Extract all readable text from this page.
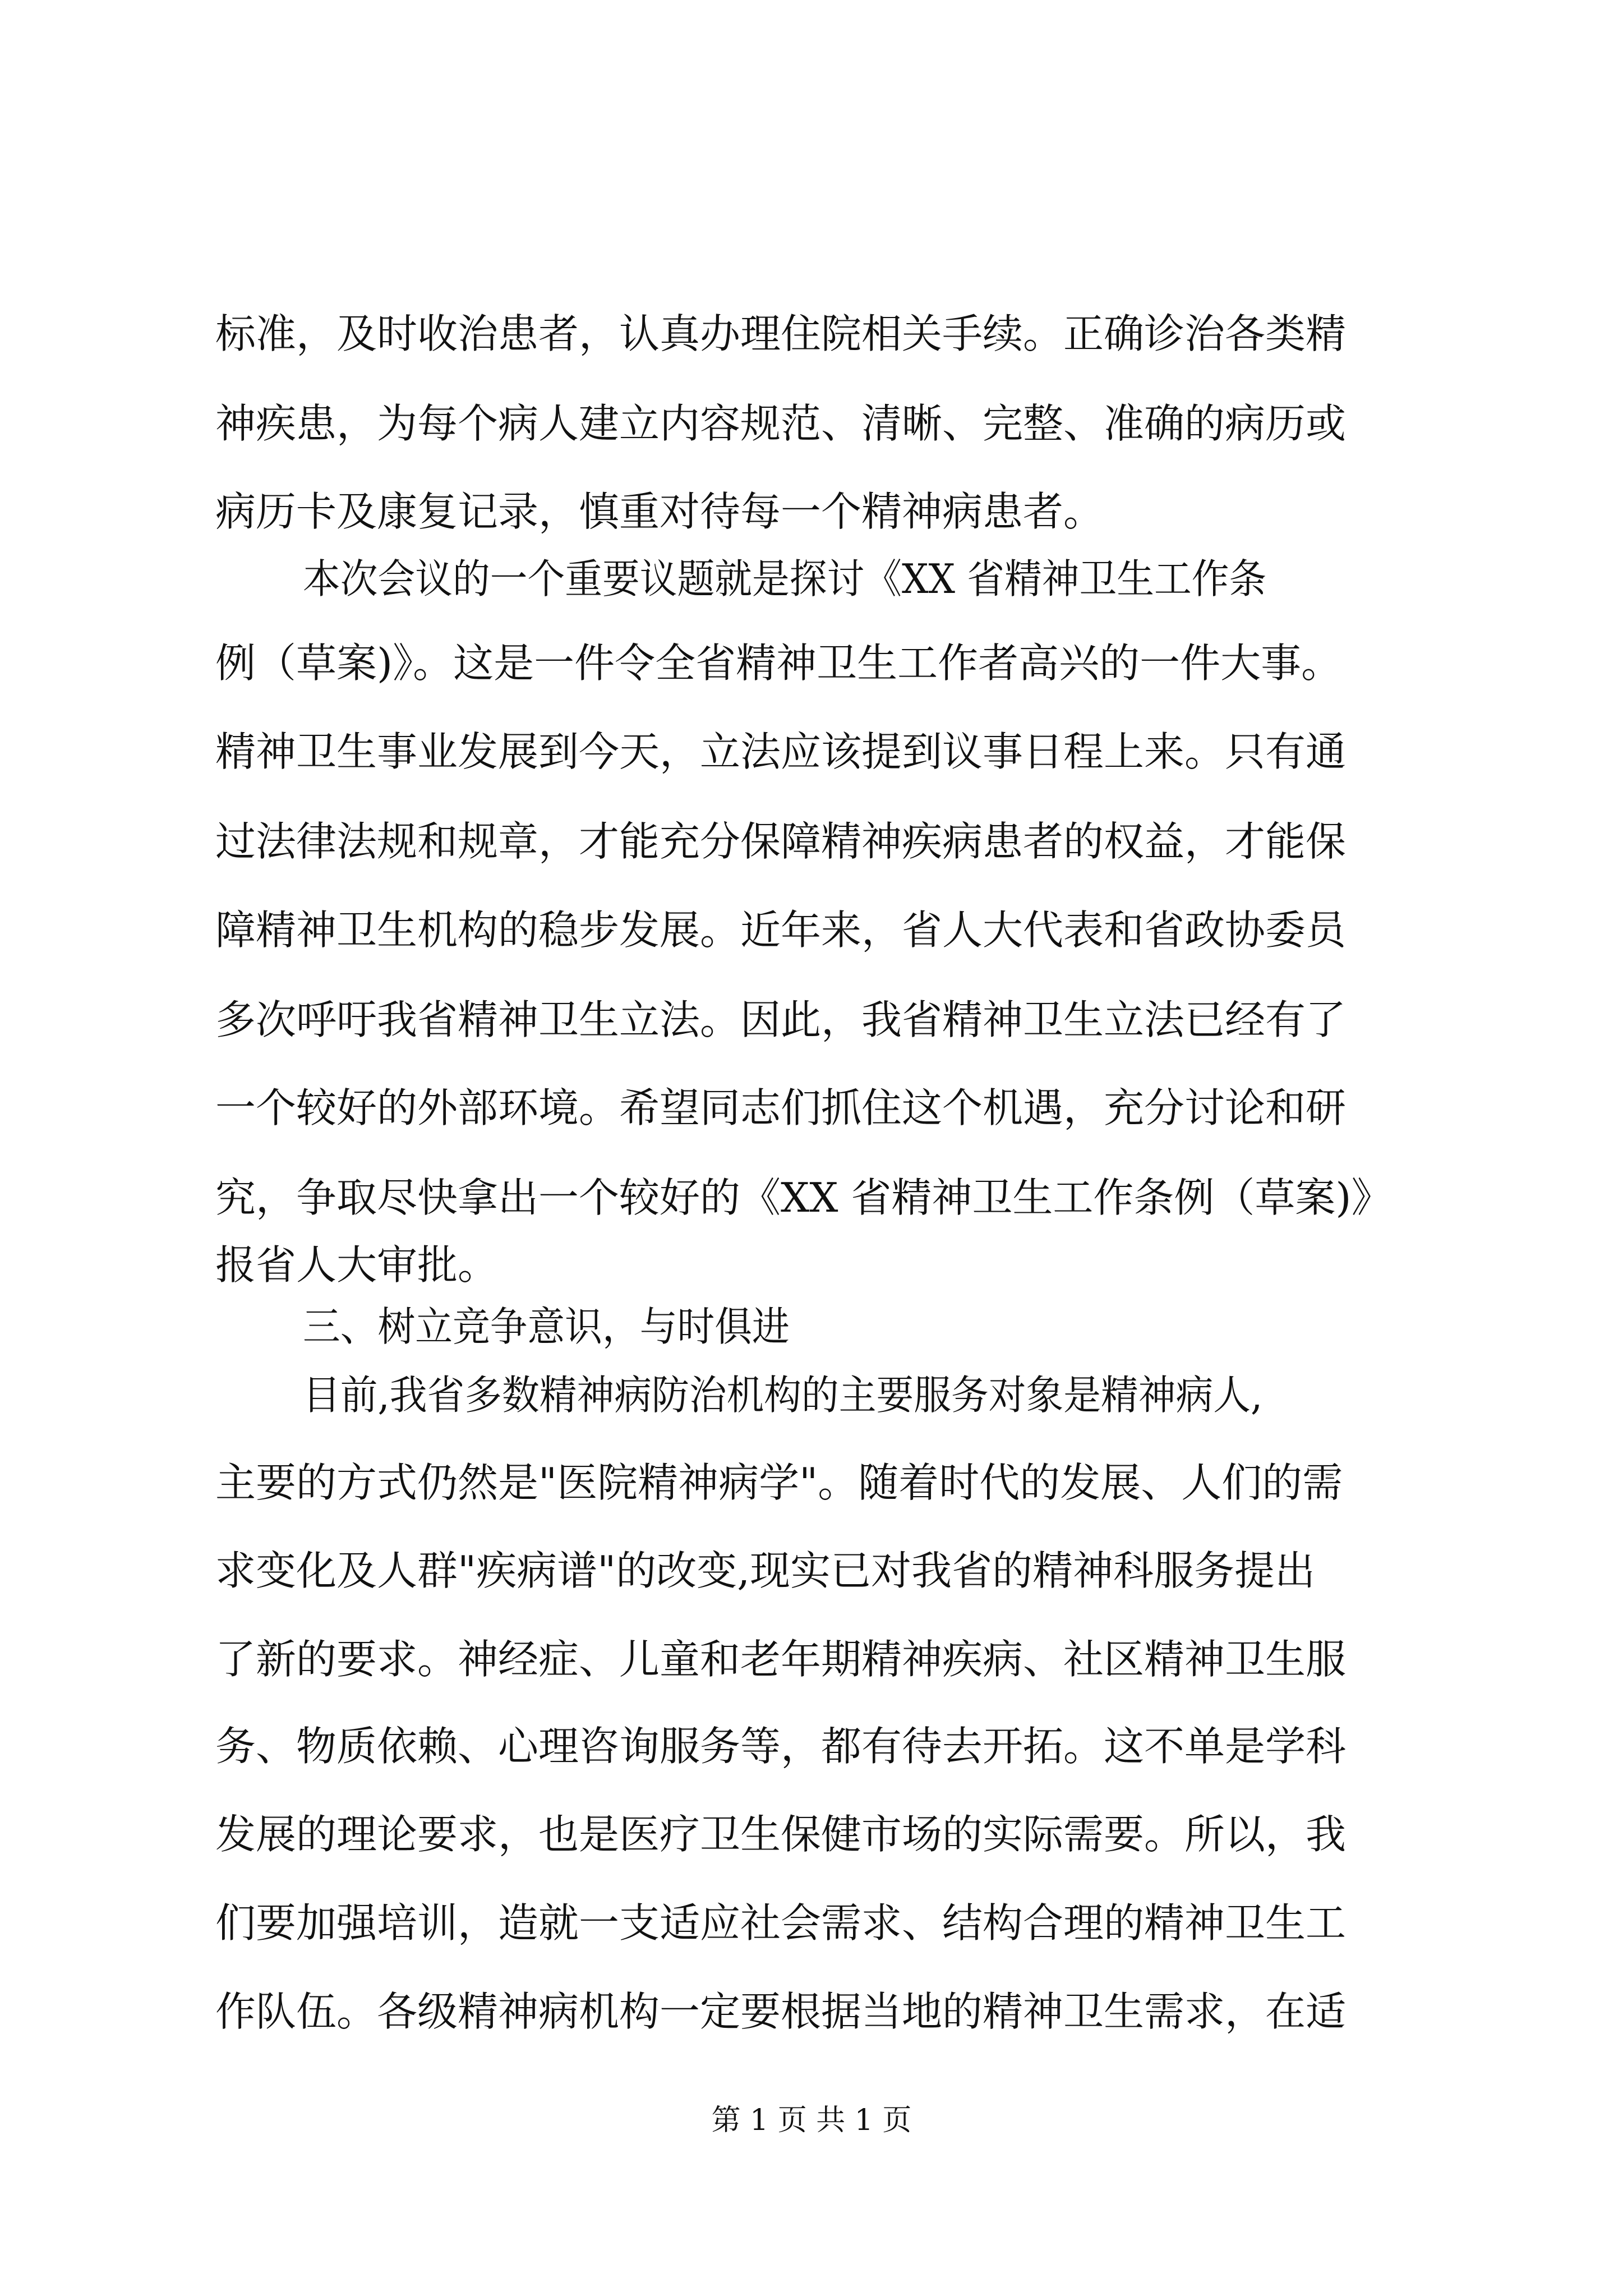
标准，及时收治患者，认真办理住院相关手续。正确诊治各类精
神疾患，为每个病人建立内容规范、清晰、完整、准确的病历或
病历卡及康复记录，慎重对待每一个精神病患者。
本次会议的一个重要议题就是探讨《XX 省精神卫生工作条
例（草案)》。这是一件令全省精神卫生工作者高兴的一件大事。
精神卫生事业发展到今天，立法应该提到议事日程上来。只有通
过法律法规和规章，才能充分保障精神疾病患者的权益，才能保
障精神卫生机构的稳步发展。近年来，省人大代表和省政协委员
多次呼吁我省精神卫生立法。因此，我省精神卫生立法已经有了
一个较好的外部环境。希望同志们抓住这个机遇，充分讨论和研
究，争取尽快拿出一个较好的《XX 省精神卫生工作条例（草案)》
报省人大审批。
三、树立竞争意识，与时俱进
目前,我省多数精神病防治机构的主要服务对象是精神病人,
主要的方式仍然是"医院精神病学"。随着时代的发展、人们的需
求变化及人群"疾病谱"的改变,现实已对我省的精神科服务提出
了新的要求。神经症、儿童和老年期精神疾病、社区精神卫生服
务、物质依赖、心理咨询服务等，都有待去开拓。这不单是学科
发展的理论要求，也是医疗卫生保健市场的实际需要。所以，我
们要加强培训，造就一支适应社会需求、结构合理的精神卫生工
作队伍。各级精神病机构一定要根据当地的精神卫生需求，在适
第 1 页 共 1 页
